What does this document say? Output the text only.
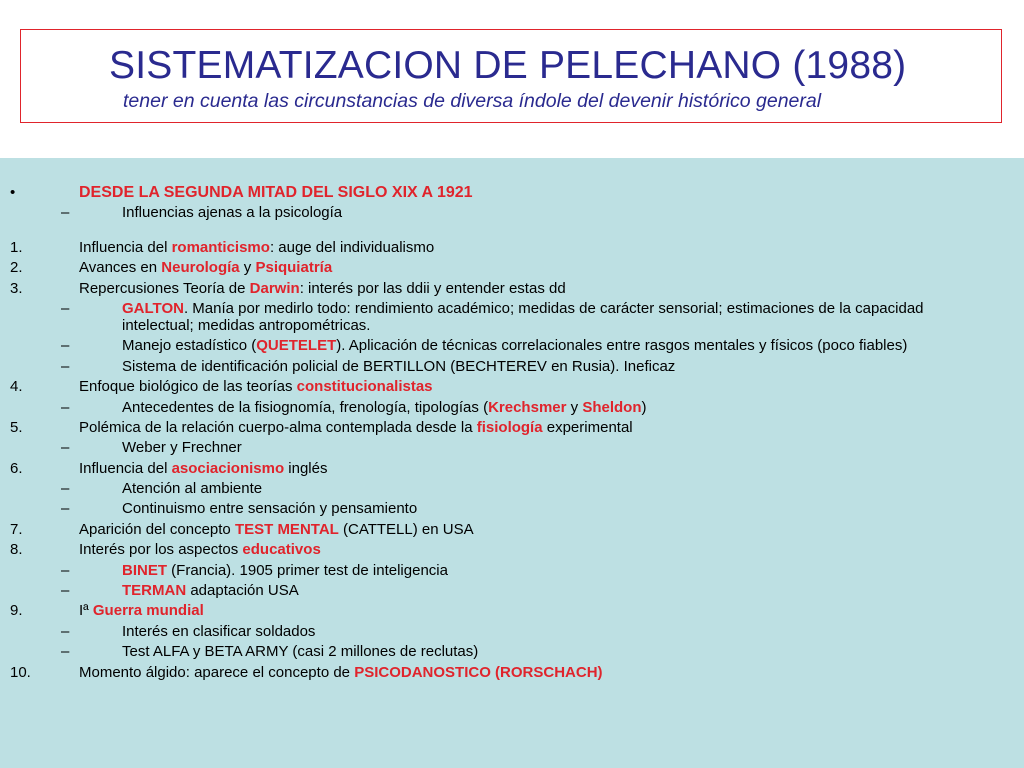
SISTEMATIZACION DE PELECHANO (1988)

tener en cuenta las circunstancias de diversa índole del devenir histórico general

•	DESDE LA SEGUNDA MITAD DEL SIGLO XIX A 1921
–	Influencias ajenas a la psicología
1.	Influencia del romanticismo: auge del individualismo
2.	Avances en Neurología y Psiquiatría
3.	Repercusiones Teoría de Darwin: interés por las ddii y entender estas dd
–	GALTON. Manía por medirlo todo: rendimiento académico; medidas de carácter sensorial; estimaciones de la capacidad intelectual; medidas antropométricas.
–	Manejo estadístico (QUETELET). Aplicación de técnicas correlacionales entre rasgos mentales y físicos (poco fiables)
–	Sistema de identificación policial de BERTILLON (BECHTEREV en Rusia). Ineficaz
4.	Enfoque biológico de las teorías constitucionalistas
–	Antecedentes de la fisiognomía, frenología, tipologías (Krechsmer y Sheldon)
5.	Polémica de la relación cuerpo-alma contemplada desde la fisiología experimental
–	Weber y Frechner
6.	Influencia del asociacionismo inglés
–	Atención al ambiente
–	Continuismo entre sensación y pensamiento
7.	Aparición del concepto TEST MENTAL (CATTELL) en USA
8.	Interés por los aspectos educativos
–	BINET (Francia). 1905 primer test de inteligencia
–	TERMAN adaptación USA
9.	Iª Guerra mundial
–	Interés en clasificar soldados
–	Test ALFA y BETA ARMY (casi 2 millones de reclutas)
10.	Momento álgido: aparece el concepto de PSICODANOSTICO (RORSCHACH)
